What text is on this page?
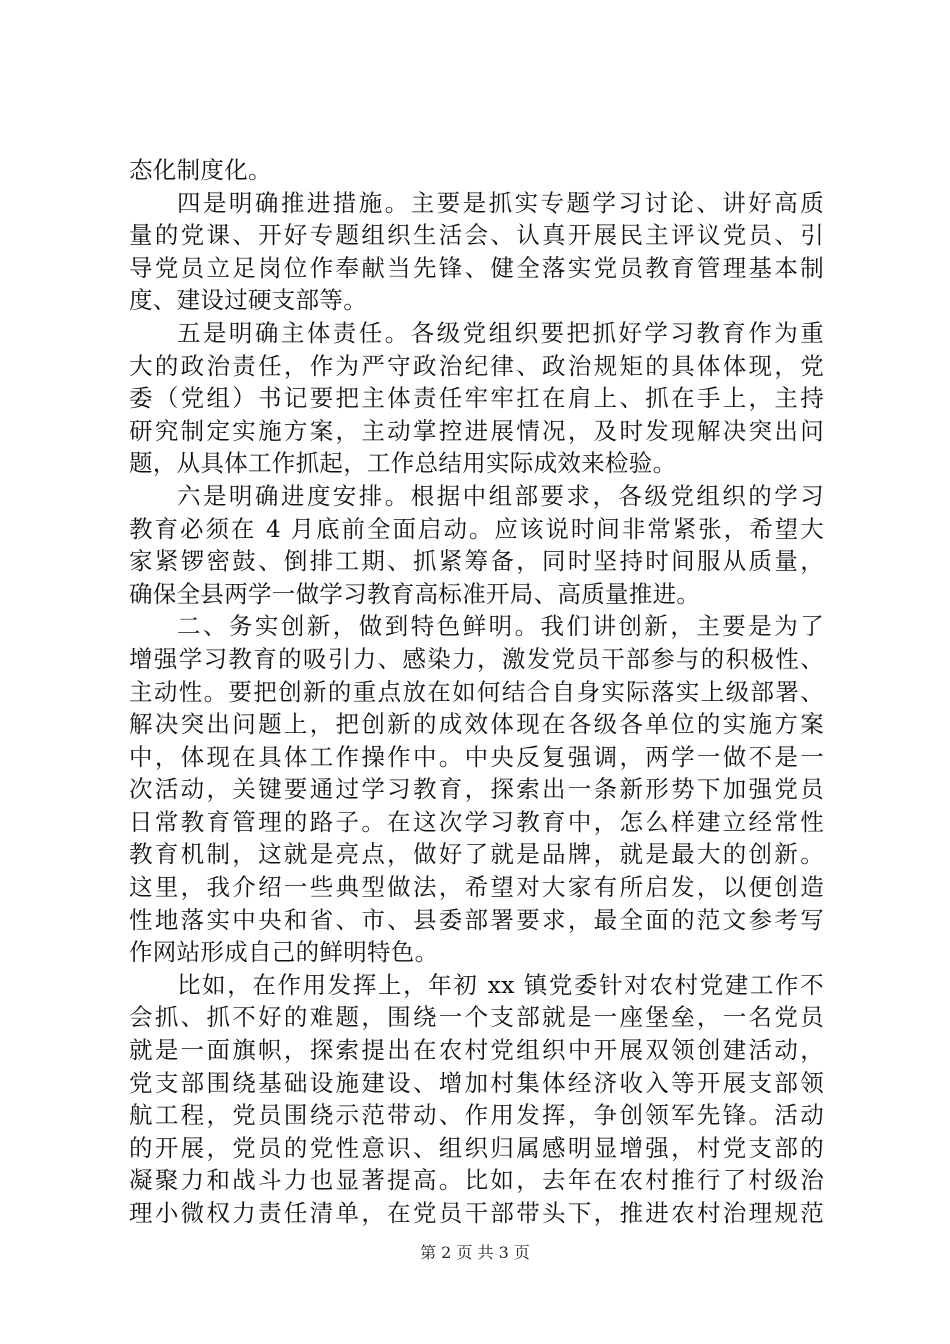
态化制度化。
四是明确推进措施。主要是抓实专题学习讨论、讲好高质
量的党课、开好专题组织生活会、认真开展民主评议党员、引
导党员立足岗位作奉献当先锋、健全落实党员教育管理基本制
度、建设过硬支部等。
五是明确主体责任。各级党组织要把抓好学习教育作为重
大的政治责任，作为严守政治纪律、政治规矩的具体体现，党
委（党组）书记要把主体责任牢牢扛在肩上、抓在手上，主持
研究制定实施方案，主动掌控进展情况，及时发现解决突出问
题，从具体工作抓起，工作总结用实际成效来检验。
六是明确进度安排。根据中组部要求，各级党组织的学习
教育必须在 4 月底前全面启动。应该说时间非常紧张，希望大
家紧锣密鼓、倒排工期、抓紧筹备，同时坚持时间服从质量，
确保全县两学一做学习教育高标准开局、高质量推进。
二、务实创新，做到特色鲜明。我们讲创新，主要是为了
增强学习教育的吸引力、感染力，激发党员干部参与的积极性、
主动性。要把创新的重点放在如何结合自身实际落实上级部署、
解决突出问题上，把创新的成效体现在各级各单位的实施方案
中，体现在具体工作操作中。中央反复强调，两学一做不是一
次活动，关键要通过学习教育，探索出一条新形势下加强党员
日常教育管理的路子。在这次学习教育中，怎么样建立经常性
教育机制，这就是亮点，做好了就是品牌，就是最大的创新。
这里，我介绍一些典型做法，希望对大家有所启发，以便创造
性地落实中央和省、市、县委部署要求，最全面的范文参考写
作网站形成自己的鲜明特色。
比如，在作用发挥上，年初 xx 镇党委针对农村党建工作不
会抓、抓不好的难题，围绕一个支部就是一座堡垒，一名党员
就是一面旗帜，探索提出在农村党组织中开展双领创建活动，
党支部围绕基础设施建设、增加村集体经济收入等开展支部领
航工程，党员围绕示范带动、作用发挥，争创领军先锋。活动
的开展，党员的党性意识、组织归属感明显增强，村党支部的
凝聚力和战斗力也显著提高。比如，去年在农村推行了村级治
理小微权力责任清单，在党员干部带头下，推进农村治理规范
第 2 页 共 3 页
